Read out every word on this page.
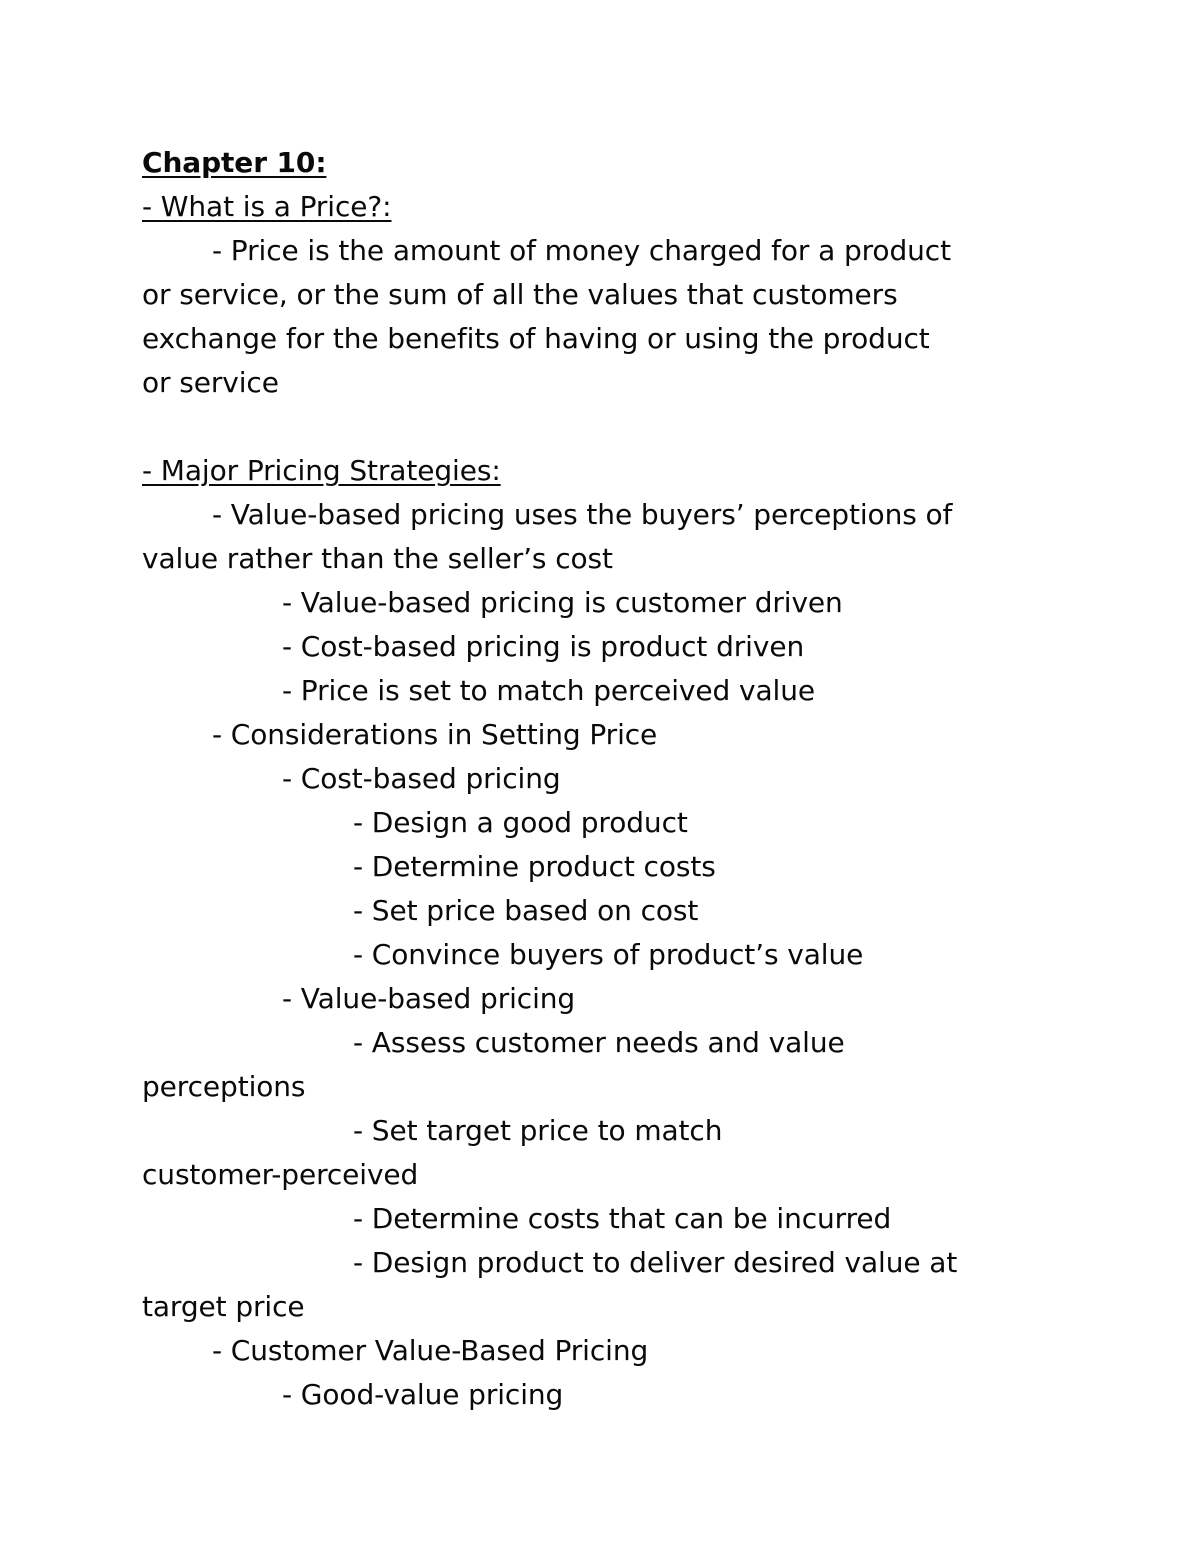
Chapter 10:
- What is a Price?:
- Price is the amount of money charged for a product
or service, or the sum of all the values that customers
exchange for the benefits of having or using the product
or service
- Major Pricing Strategies:
- Value-based pricing uses the buyers’ perceptions of
value rather than the seller’s cost
- Value-based pricing is customer driven
- Cost-based pricing is product driven
- Price is set to match perceived value
- Considerations in Setting Price
- Cost-based pricing
- Design a good product
- Determine product costs
- Set price based on cost
- Convince buyers of product’s value
- Value-based pricing
- Assess customer needs and value
perceptions
- Set target price to match
customer-perceived
- Determine costs that can be incurred
- Design product to deliver desired value at
target price
- Customer Value-Based Pricing
- Good-value pricing
